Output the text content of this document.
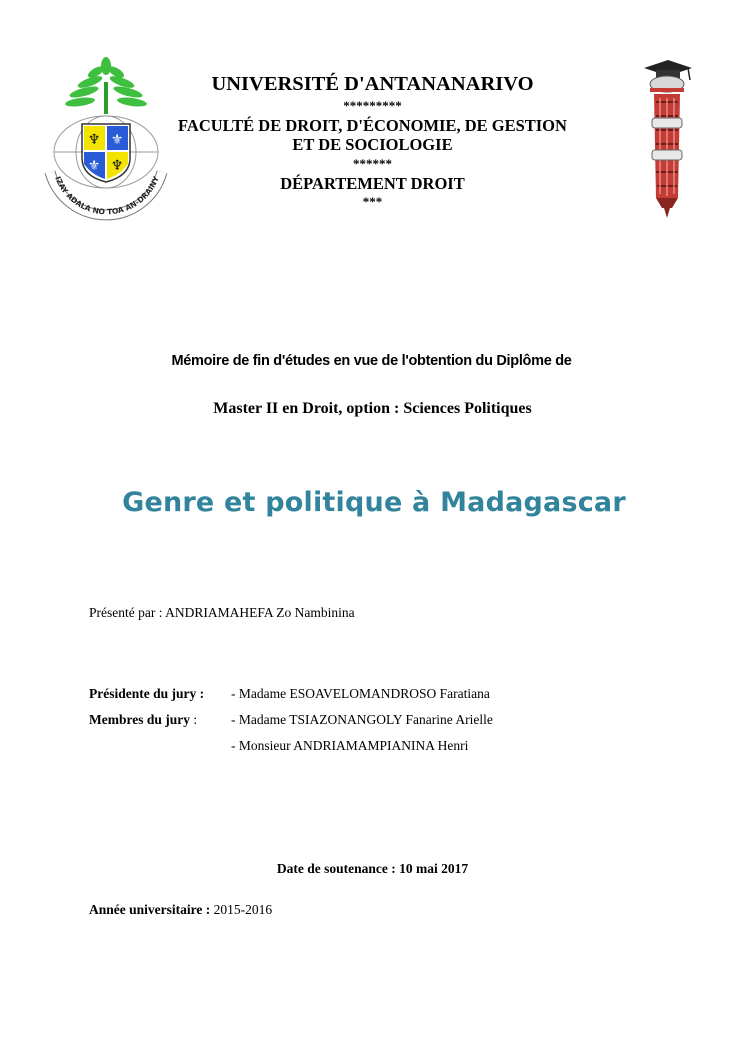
♆ ⚜
⚜ ♆
IZAY ADALA NO TOA AN-DRAINY
UNIVERSITÉ D'ANTANANARIVO
*********
FACULTÉ DE DROIT, D'ÉCONOMIE, DE GESTION
ET DE SOCIOLOGIE
******
DÉPARTEMENT DROIT
***
Mémoire de fin d'études en vue de l'obtention du Diplôme de
Master II en Droit, option : Sciences Politiques
Genre et politique à Madagascar
Présenté par : ANDRIAMAHEFA Zo Nambinina
Présidente du jury : - Madame ESOAVELOMANDROSO Faratiana
Membres du jury :	- Madame TSIAZONANGOLY Fanarine Arielle
- Monsieur ANDRIAMAMPIANINA Henri
Date de soutenance : 10 mai 2017
Année universitaire : 2015-2016
